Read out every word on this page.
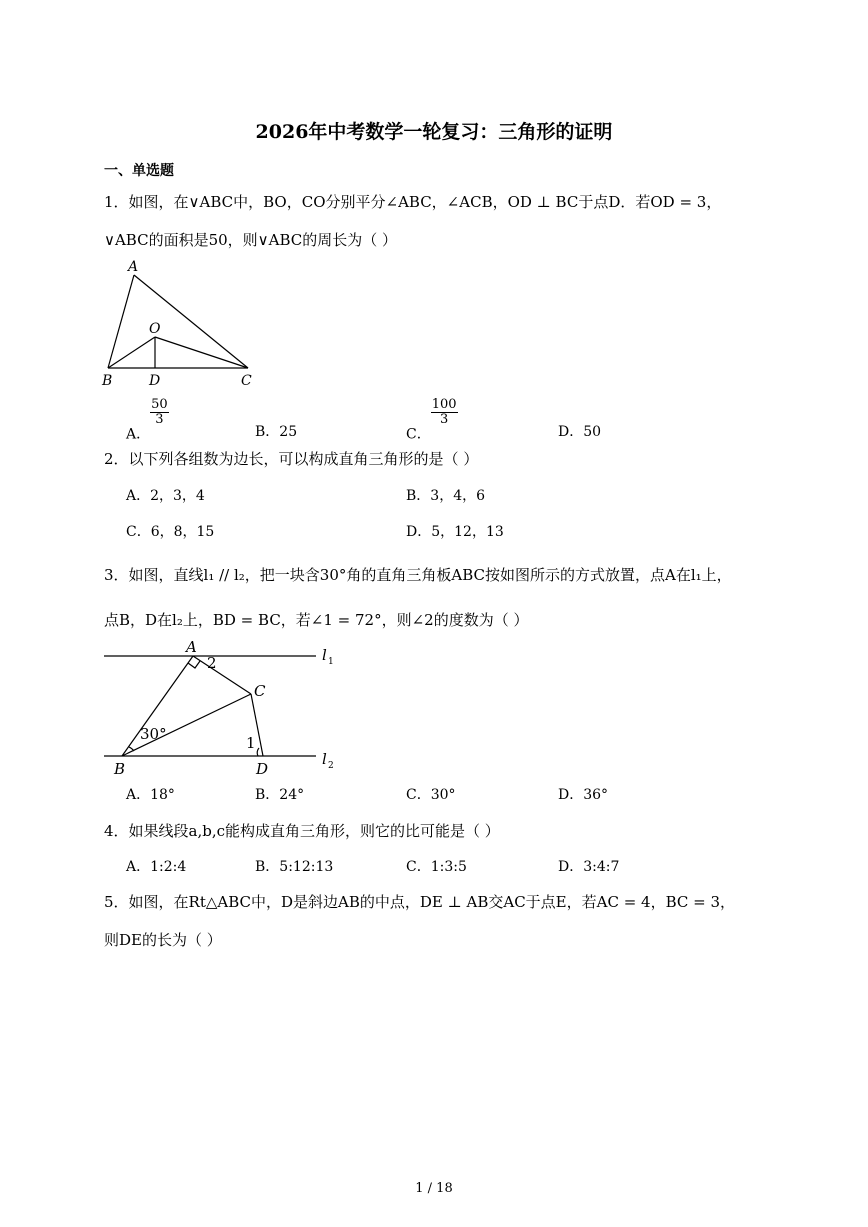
2026年中考数学一轮复习：三角形的证明
一、单选题
1．如图，在∨ABC中，BO，CO分别平分∠ABC，∠ACB，OD ⊥ BC于点D．若OD = 3，
∨ABC的面积是50，则∨ABC的周长为（ ）
A
O
B	D	C
A．
$\frac{50}{3}$
B．25	C．
$\frac{100}{3}$
D．50
2．以下列各组数为边长，可以构成直角三角形的是（ ）
A．2，3，4	B．3，4，6
C．6，8，15	D．5，12，13
3．如图，直线l₁ // l₂，把一块含30°角的直角三角板ABC按如图所示的方式放置，点A在l₁上，
点B，D在l₂上，BD = BC，若∠1 = 72°，则∠2的度数为（ ）
A
2
C
30°	1
B	D
l 1
l 2
A．18°	B．24°	C．30°	D．36°
4．如果线段a,b,c能构成直角三角形，则它的比可能是（ ）
A．1:2:4	B．5:12:13	C．1:3:5	D．3:4:7
5．如图，在Rt△ABC中，D是斜边AB的中点，DE ⊥ AB交AC于点E，若AC = 4，BC = 3，
则DE的长为（ ）
1 / 18
